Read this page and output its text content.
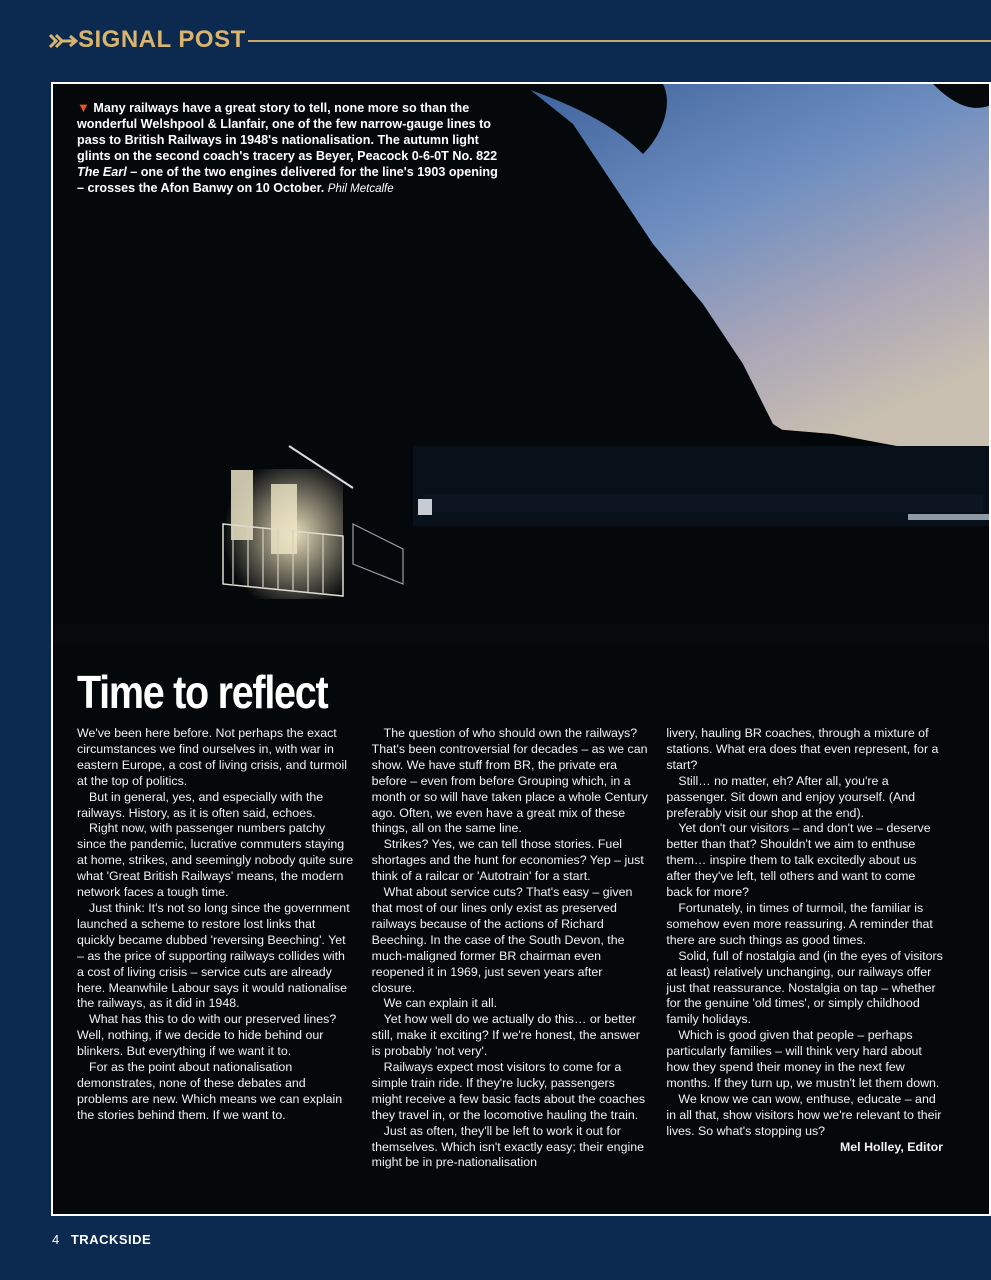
SIGNAL POST
▼ Many railways have a great story to tell, none more so than the wonderful Welshpool & Llanfair, one of the few narrow-gauge lines to pass to British Railways in 1948's nationalisation. The autumn light glints on the second coach's tracery as Beyer, Peacock 0-6-0T No. 822 The Earl – one of the two engines delivered for the line's 1903 opening – crosses the Afon Banwy on 10 October. Phil Metcalfe
Time to reflect

We've been here before. Not perhaps the exact circumstances we find ourselves in, with war in eastern Europe, a cost of living crisis, and turmoil at the top of politics.

But in general, yes, and especially with the railways. History, as it is often said, echoes.

Right now, with passenger numbers patchy since the pandemic, lucrative commuters staying at home, strikes, and seemingly nobody quite sure what 'Great British Railways' means, the modern network faces a tough time.

Just think: It's not so long since the government launched a scheme to restore lost links that quickly became dubbed 'reversing Beeching'. Yet – as the price of supporting railways collides with a cost of living crisis – service cuts are already here. Meanwhile Labour says it would nationalise the railways, as it did in 1948.

What has this to do with our preserved lines? Well, nothing, if we decide to hide behind our blinkers. But everything if we want it to.

For as the point about nationalisation demonstrates, none of these debates and problems are new. Which means we can explain the stories behind them. If we want to.

The question of who should own the railways? That's been controversial for decades – as we can show. We have stuff from BR, the private era before – even from before Grouping which, in a month or so will have taken place a whole Century ago. Often, we even have a great mix of these things, all on the same line.

Strikes? Yes, we can tell those stories. Fuel shortages and the hunt for economies? Yep – just think of a railcar or 'Autotrain' for a start.

What about service cuts? That's easy – given that most of our lines only exist as preserved railways because of the actions of Richard Beeching. In the case of the South Devon, the much-maligned former BR chairman even reopened it in 1969, just seven years after closure.

We can explain it all.

Yet how well do we actually do this… or better still, make it exciting? If we're honest, the answer is probably 'not very'.

Railways expect most visitors to come for a simple train ride. If they're lucky, passengers might receive a few basic facts about the coaches they travel in, or the locomotive hauling the train.

Just as often, they'll be left to work it out for themselves. Which isn't exactly easy; their engine might be in pre-nationalisation

livery, hauling BR coaches, through a mixture of stations. What era does that even represent, for a start?

Still… no matter, eh? After all, you're a passenger. Sit down and enjoy yourself. (And preferably visit our shop at the end).

Yet don't our visitors – and don't we – deserve better than that? Shouldn't we aim to enthuse them… inspire them to talk excitedly about us after they've left, tell others and want to come back for more?

Fortunately, in times of turmoil, the familiar is somehow even more reassuring. A reminder that there are such things as good times.

Solid, full of nostalgia and (in the eyes of visitors at least) relatively unchanging, our railways offer just that reassurance. Nostalgia on tap – whether for the genuine 'old times', or simply childhood family holidays.

Which is good given that people – perhaps particularly families – will think very hard about how they spend their money in the next few months. If they turn up, we mustn't let them down.

We know we can wow, enthuse, educate – and in all that, show visitors how we're relevant to their lives. So what's stopping us?

Mel Holley, Editor

4 TRACKSIDE
